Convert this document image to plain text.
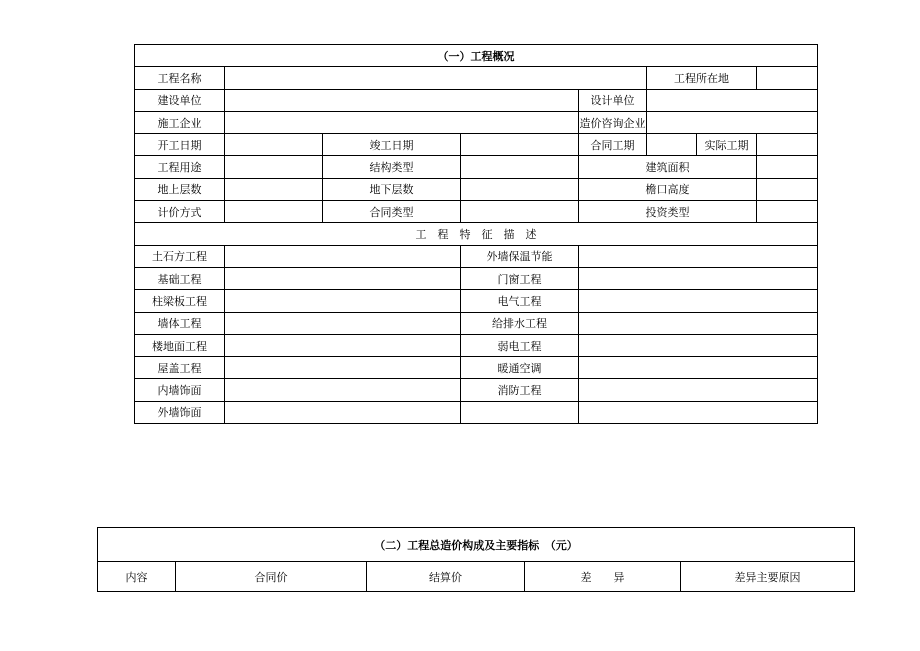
（一）工程概况							
工程名称					工程所在地		
建设单位				设计单位			
施工企业				造价咨询企业			
开工日期		竣工日期		合同工期		实际工期	
工程用途		结构类型		建筑面积			
地上层数		地下层数		檐口高度			
计价方式		合同类型		投资类型			
工　程　特　征　描　述							
土石方工程			外墙保温节能				
基础工程			门窗工程				
柱梁板工程			电气工程				
墙体工程			给排水工程				
楼地面工程			弱电工程				
屋盖工程			暖通空调				
内墙饰面			消防工程				
外墙饰面							
（二）工程总造价构成及主要指标　（元）
内容	合同价	结算价	差　　异	差异主要原因
